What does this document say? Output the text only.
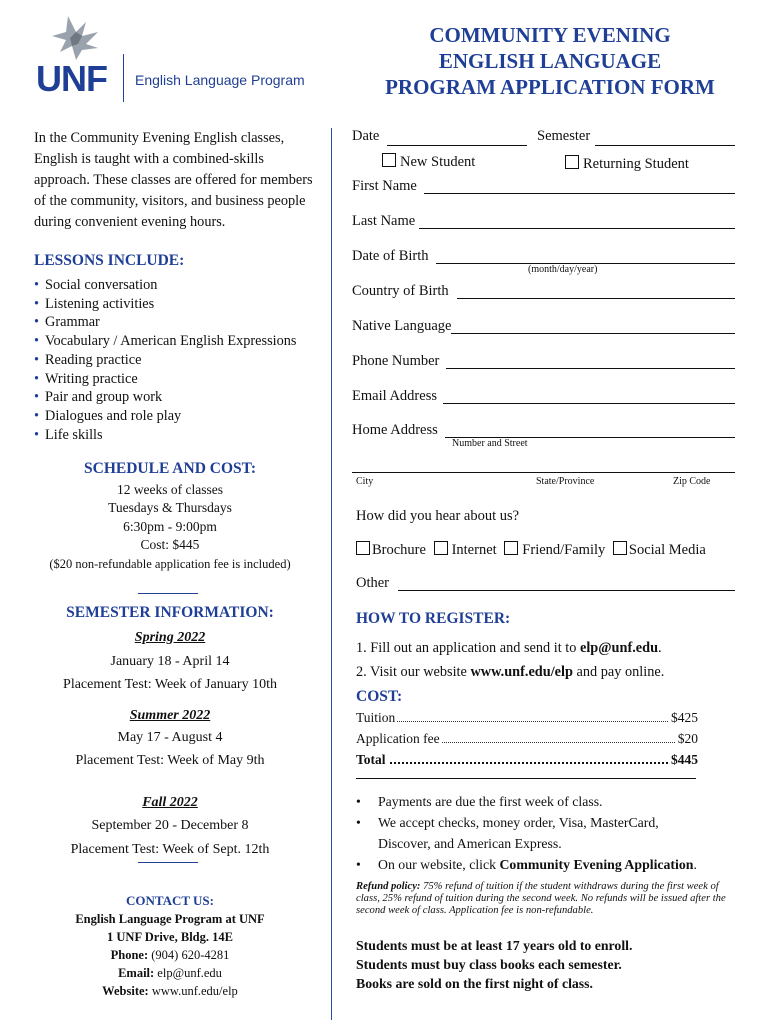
UNF English Language Program
COMMUNITY EVENING
ENGLISH LANGUAGE
PROGRAM APPLICATION FORM
In the Community Evening English classes, English is taught with a combined-skills approach. These classes are offered for members of the community, visitors, and business people during convenient evening hours.
LESSONS INCLUDE:
• Social conversation
• Listening activities
• Grammar
• Vocabulary / American English Expressions
• Reading practice
• Writing practice
• Pair and group work
• Dialogues and role play
• Life skills
SCHEDULE AND COST:
12 weeks of classes
Tuesdays & Thursdays
6:30pm - 9:00pm
Cost: $445
($20 non-refundable application fee is included)
SEMESTER INFORMATION:
Spring 2022
January 18 - April 14
Placement Test: Week of January 10th
Summer 2022
May 17 - August 4
Placement Test: Week of May 9th
Fall 2022
September 20 - December 8
Placement Test: Week of Sept. 12th
CONTACT US:
English Language Program at UNF
1 UNF Drive, Bldg. 14E
Phone: (904) 620-4281
Email: elp@unf.edu
Website: www.unf.edu/elp
Date	Semester
New Student	Returning Student
First Name
Last Name
Date of Birth
(month/day/year)
Country of Birth
Native Language
Phone Number
Email Address
Home Address
Number and Street
City	State/Province	Zip Code
How did you hear about us?
Brochure Internet Friend/Family Social Media
Other
HOW TO REGISTER:
1. Fill out an application and send it to elp@unf.edu.
2. Visit our website www.unf.edu/elp and pay online.
COST:
Tuition	$425
Application fee	$20
Total	$445
• Payments are due the first week of class.
• We accept checks, money order, Visa, MasterCard,
Discover, and American Express.
• On our website, click Community Evening Application.
Refund policy: 75% refund of tuition if the student withdraws during the first week of class, 25% refund of tuition during the second week. No refunds will be issued after the second week of class. Application fee is non-refundable.
Students must be at least 17 years old to enroll.
Students must buy class books each semester.
Books are sold on the first night of class.
